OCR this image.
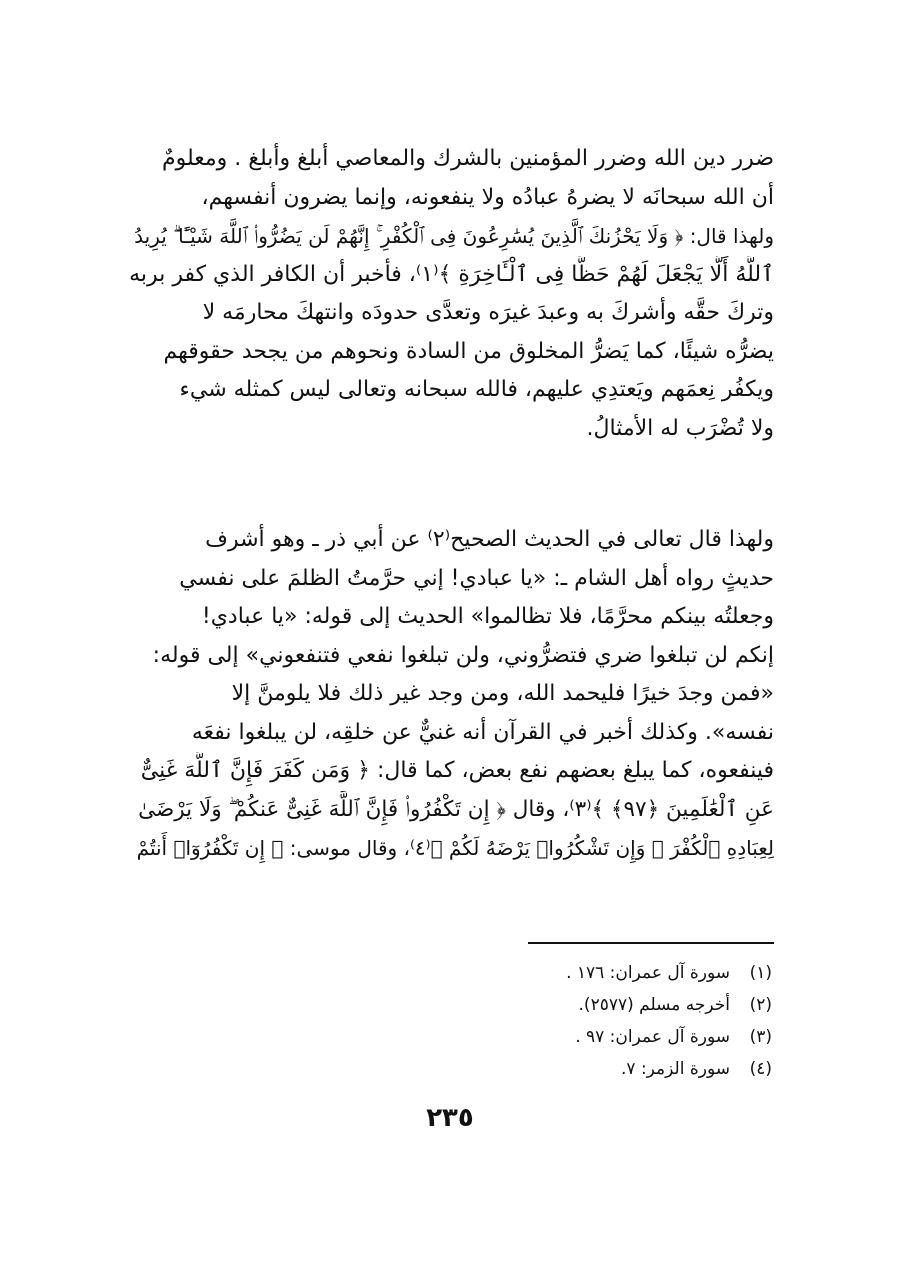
ضرر دين الله وضرر المؤمنين بالشرك والمعاصي أبلغ وأبلغ . ومعلومٌ
أن الله سبحانَه لا يضرهُ عبادُه ولا ينفعونه، وإنما يضرون أنفسهم،
ولهذا قال: ﴿ وَلَا يَحْزُنكَ ٱلَّذِينَ يُسَٰرِعُونَ فِى ٱلْكُفْرِ ۚ إِنَّهُمْ لَن يَضُرُّوا۟ ٱللَّهَ شَيْـًٔا ۗ يُرِيدُ
ٱللَّهُ أَلَّا يَجْعَلَ لَهُمْ حَظًّا فِى ٱلْـَٔاخِرَةِ ﴾⁽١⁾، فأخبر أن الكافر الذي كفر بربه
وتركَ حقَّه وأشركَ به وعبدَ غيرَه وتعدَّى حدودَه وانتهكَ محارمَه لا
يضرُّه شيئًا، كما يَضرُّ المخلوق من السادة ونحوهم من يجحد حقوقهم
ويكفُر نِعمَهم ويَعتدِي عليهم، فالله سبحانه وتعالى ليس كمثله شيء
ولا تُضْرَب له الأمثالُ.
ولهذا قال تعالى في الحديث الصحيح⁽٢⁾ عن أبي ذر ـ وهو أشرف
حديثٍ رواه أهل الشام ـ: «يا عبادي! إني حرَّمتُ الظلمَ على نفسي
وجعلتُه بينكم محرَّمًا، فلا تظالموا» الحديث إلى قوله: «يا عبادي!
إنكم لن تبلغوا ضري فتضرُّوني، ولن تبلغوا نفعي فتنفعوني» إلى قوله:
«فمن وجدَ خيرًا فليحمد الله، ومن وجد غير ذلك فلا يلومنَّ إلا
نفسه». وكذلك أخبر في القرآن أنه غنيٌّ عن خلقِه، لن يبلغوا نفعَه
فينفعوه، كما يبلغ بعضهم نفع بعض، كما قال: ﴿ وَمَن كَفَرَ فَإِنَّ ٱللَّهَ غَنِىٌّ
عَنِ ٱلْعَٰلَمِينَ ﴿٩٧﴾ ﴾⁽٣⁾، وقال ﴿ إِن تَكْفُرُوا۟ فَإِنَّ ٱللَّهَ غَنِىٌّ عَنكُمْ ۖ وَلَا يَرْضَىٰ
لِعِبَادِهِ ٱلْكُفْرَ ۖ وَإِن تَشْكُرُوا۟ يَرْضَهُ لَكُمْ ﴾⁽٤⁾، وقال موسى: ﴿ إِن تَكْفُرُوٓا۟ أَنتُمْ
(١)
سورة آل عمران: ١٧٦ .
(٢)
أخرجه مسلم (٢٥٧٧).
(٣)
سورة آل عمران: ٩٧ .
(٤)
سورة الزمر: ٧.
٢٣٥
